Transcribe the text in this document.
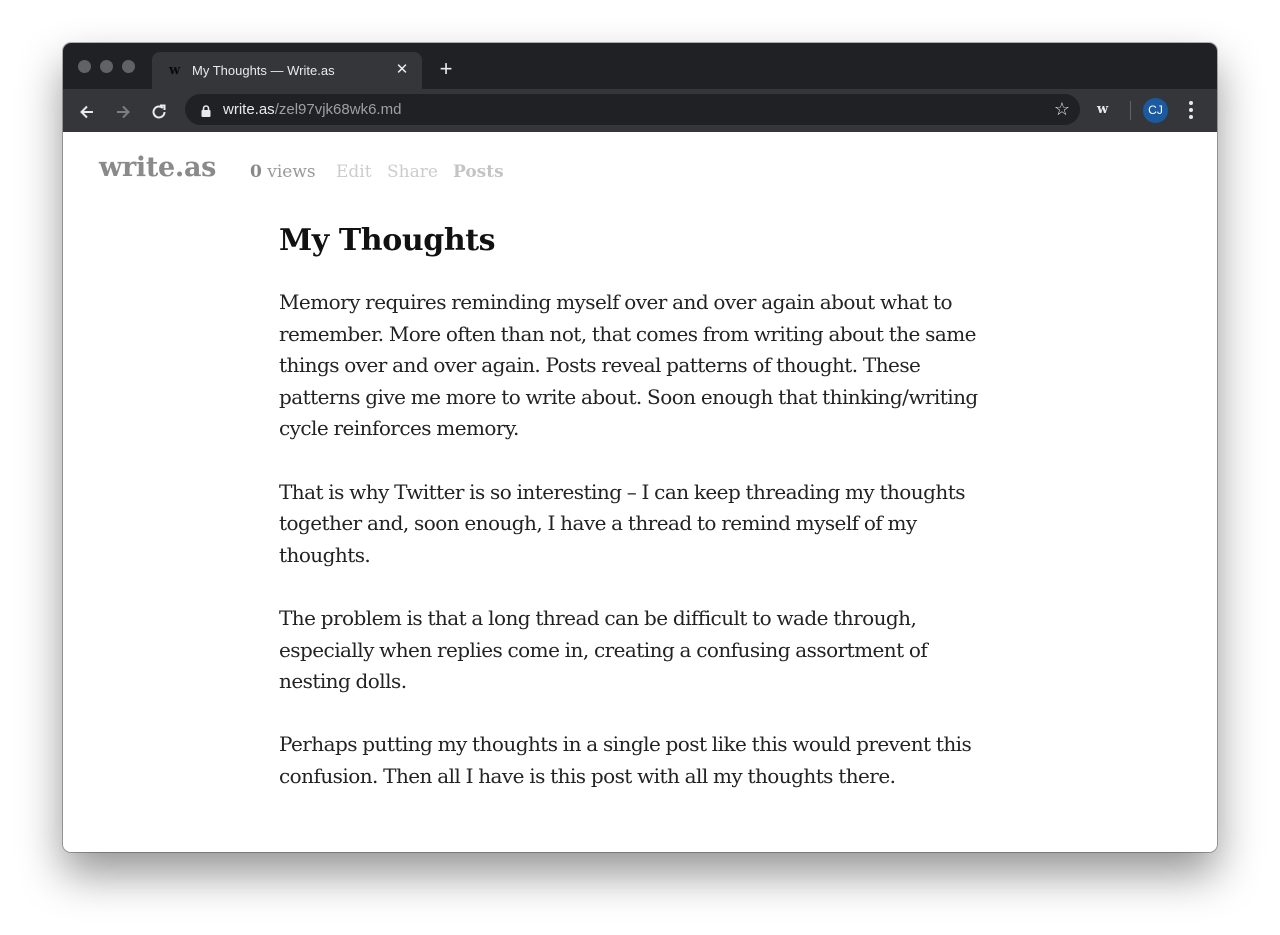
w My Thoughts — Write.as	✕ +
write.as/zel97vjk68wk6.md	☆ w	CJ
write.as 0 views Edit Share Posts
My Thoughts

Memory requires reminding myself over and over again about what to remember. More often than not, that comes from writing about the same things over and over again. Posts reveal patterns of thought. These patterns give me more to write about. Soon enough that thinking/writing cycle reinforces memory.

That is why Twitter is so interesting – I can keep threading my thoughts together and, soon enough, I have a thread to remind myself of my thoughts.

The problem is that a long thread can be difficult to wade through, especially when replies come in, creating a confusing assortment of nesting dolls.

Perhaps putting my thoughts in a single post like this would prevent this confusion. Then all I have is this post with all my thoughts there.
